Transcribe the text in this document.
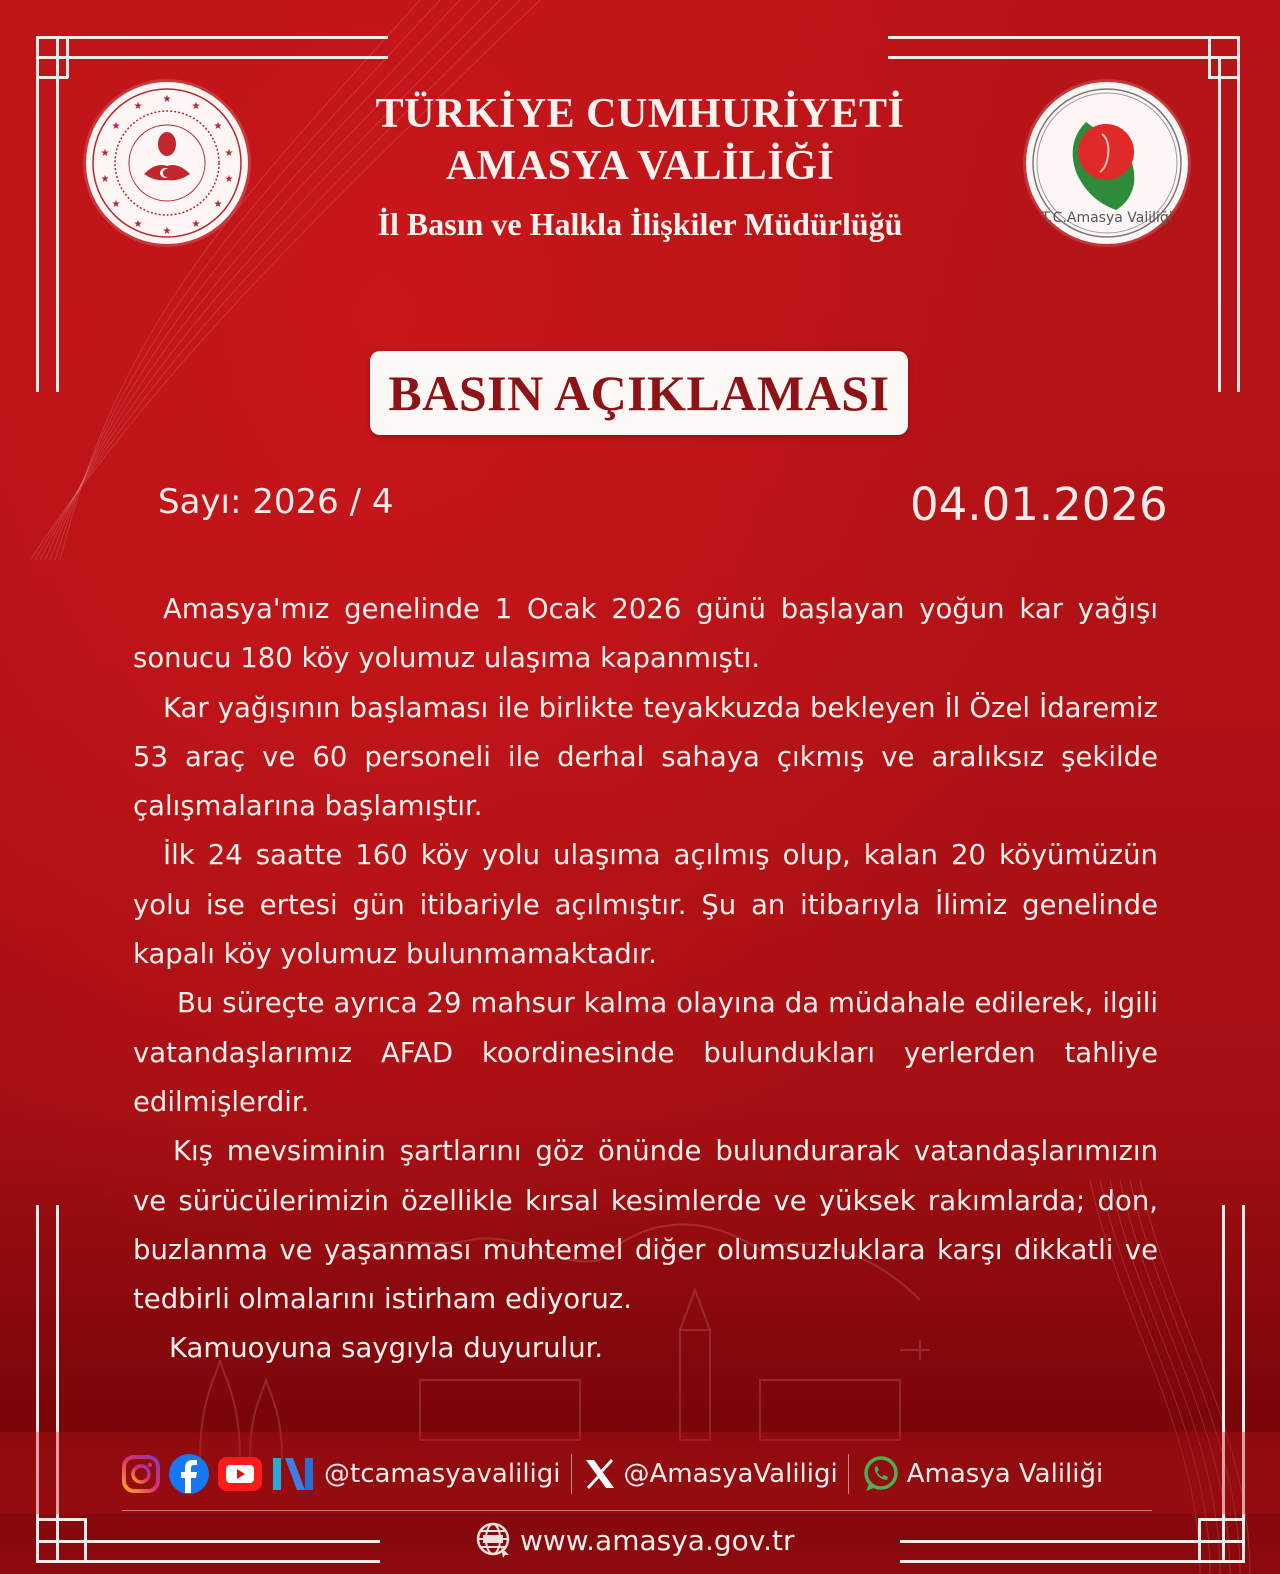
★
★
★
★
★
★
★
★
★
★
★
★
★
★
T.C.Amasya Valiliği
TÜRKİYE CUMHURİYETİ
AMASYA VALİLİĞİ
İl Basın ve Halkla İlişkiler Müdürlüğü
BASIN AÇIKLAMASI
Sayı: 2026 / 4	04.01.2026

Amasya'mız genelinde 1 Ocak 2026 günü başlayan yoğun kar yağışı sonucu 180 köy yolumuz ulaşıma kapanmıştı.

Kar yağışının başlaması ile birlikte teyakkuzda bekleyen İl Özel İdaremiz 53 araç ve 60 personeli ile derhal sahaya çıkmış ve aralıksız şekilde çalışmalarına başlamıştır.

İlk 24 saatte 160 köy yolu ulaşıma açılmış olup, kalan 20 köyümüzün yolu ise ertesi gün itibariyle açılmıştır. Şu an itibarıyla İlimiz genelinde kapalı köy yolumuz bulunmamaktadır.

Bu süreçte ayrıca 29 mahsur kalma olayına da müdahale edilerek, ilgili vatandaşlarımız AFAD koordinesinde bulundukları yerlerden tahliye edilmişlerdir.

Kış mevsiminin şartlarını göz önünde bulundurarak vatandaşlarımızın ve sürücülerimizin özellikle kırsal kesimlerde ve yüksek rakımlarda; don, buzlanma ve yaşanması muhtemel diğer olumsuzluklara karşı dikkatli ve tedbirli olmalarını istirham ediyoruz.

Kamuoyuna saygıyla duyurulur.

@tcamasyavaliligi @AmasyaValiligi	Amasya Valiliği
www.amasya.gov.tr
